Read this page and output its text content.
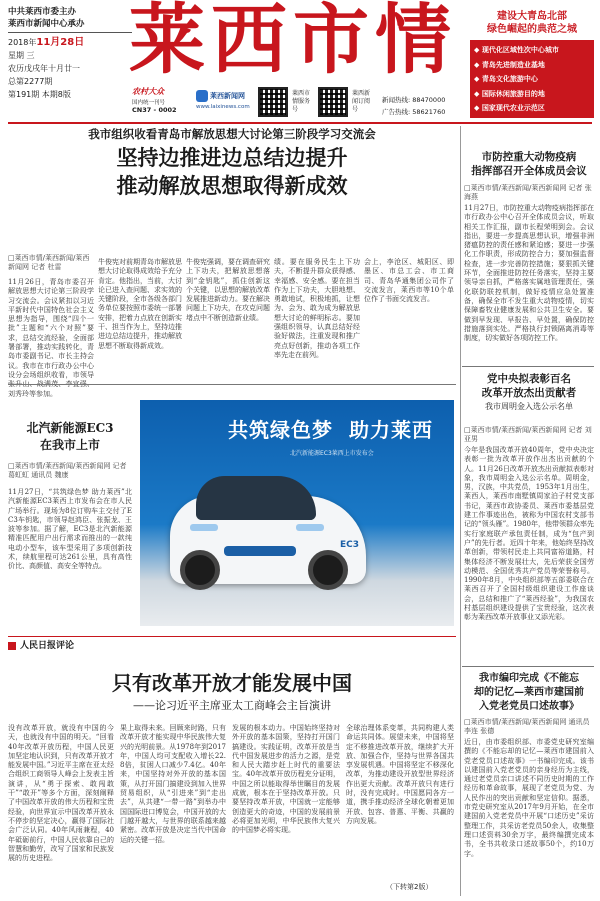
中共莱西市委主办
莱西市新闻中心承办
2018年11月28日
星期 三
农历戊戌年十月廿一
总第2277期
第191期 本期8版
莱西市情
农村大众
国内统一刊号
CN37 - 0002
莱西新闻网
www.laixinews.com
莱西市情服务号
莱西新闻订阅号
新闻热线: 88470000
广告热线: 58621760
建设大青岛北部
绿色崛起的典范之城
◆ 现代化区域性次中心城市
◆ 青岛先进制造业基地
◆ 青岛文化旅游中心
◆ 国际休闲旅游目的地
◆ 国家现代农业示范区
我市组织收看青岛市解放思想大讨论第三阶段学习交流会
坚持边推进边总结边提升
推动解放思想取得新成效
□莱西市情/莱西新闻/莱西新闻网 记者 杜雷
11月26日，青岛市委召开解放思想大讨论第三阶段学习交流会。会议紧扣以习近平新时代中国特色社会主义思想为指导，围绕“四个一批”主题和“六个对照”要求，总结交流经验，全面部署部署，推动实践转化，青岛市委副书记、市长主持会议。我市在市行政办公中心设分会场组织收看，市领导 刘秀玲等参加。
牛俊宪对前期青岛市解放思想大讨论取得成效给予充分肯定。他指出，当前，大讨论已进入查问题、求实效的关键阶段，全市各级各部门务单位要按照市委统一部署安排，把着力点放在创新实干、担当作为上，坚持边推进边总结边提升，推动解放思想不断取得新成效。
牛俊宪强调，要在调查研究上下功夫，把解放思想落到“金钥匙”，抓住创新这个关键，以思想的解放改革发展推进新动力。要在解决问题上下功夫，在攻克问题堵点中不断创造新业绩。
绩。要在服务民生上下功夫，不断提升群众获得感、幸福感、安全感。要在担当作为上下功夫，大胆地想、勇敢地试，积极地抓，让想为、会为、敢为成为解放思想大讨论的鲜明标志。要加强组织领导，认真总结好经验好做法，注重发现和推广亮点好创新，推动各项工作率先走在前列。
会上，李沧区、城阳区、即墨区、市总工会、市工商司、青岛华通集团公司作了交流发言，莱西市等10个单位作了书面交流发言。
市防控重大动物疫病
指挥部召开全体成员会议
□莱西市情/莱西新闻/莱西新闻网 记者 张海燕
11月27日，市防控重大动物疫病指挥部在市行政办公中心召开全体成员会议，听取相关工作汇报，副市长程荣明到会。会议指出，要进一步提高思想认识，增强非洲猪瘟防控的责任感和紧迫感；要进一步强化工作职责，形成防控合力；要加强监督检查，进一步完善防控措施；要狠抓关键环节，全面推进防控任务落实，坚持主要领导亲自抓，严格落实属地管理责任，强化联防联控机制，做好疫情应急处置准备，确保全市不发生重大动物疫情，切实保障畜牧业健康发展和公共卫生安全。要做到早发现、早报告、早处置，确保防控措施落到实处。严格执行封锁隔离消毒等制度，切实做好各项防控工作。
党中央拟表彰百名
改革开放杰出贡献者
我市周明金入选公示名单
□莱西市情/莱西新闻/莱西新闻网 记者 刘亚男
今年是我国改革开放40周年，党中央决定表彰一批为改革开放作出杰出贡献的个人。11月26日改革开放杰出贡献拟表彰对象，我市周明金入选公示名单。周明金，男，汉族，中共党员，1953年1月出生，莱西人，莱西市南墅镇周家泊子村党支部书记，莱西市政协委员、莱西市委基层党建工作事迹出色，被称为中国农村支部书记的“领头雁”。1980年，他带领群众率先实行家庭联产承包责任制，成为“包产到户”的先行者。近四十年来，他始终坚持改革创新，带领村民走上共同富裕道路，村集体经济不断发展壮大，先后荣获全国劳动模范、全国优秀共产党员等荣誉称号。1990年8月，中央组织部等五部委联合在莱西召开了全国村级组织建设工作座谈会，总结和推广了“莱西经验”，为我国农村基层组织建设提供了宝贵经验，这次表彰为莱西改革开放事业又添光彩。
我市编印完成《不能忘
却的记忆—莱西市建国前
入党老党员口述故事》
□莱西市情/莱西新闻/莱西新闻网 通讯员 李连 张德
近日，由市委组织部、市委党史研究室编撰的《不能忘却的记忆—莱西市建国前入党老党员口述故事》一书编印完成。该书以建国前入党老党员的亲身经历为主线，通过老党员亲口讲述不同历史时期的工作经历和革命故事，展现了老党员为党、为人民作出的突出贡献和坚定信仰。据悉，市党史研究室从2017年9月开始，在全市建国前入党老党员中开展“口述历史”采访整理工作，共采访老党员50余人，收集整理口述资料30余万字，最终编撰完成本书，全书共收录口述故事50个，约10万字。
北汽新能源EC3
在我市上市
□莱西市情/莱西新闻/莱西新闻网 记者 葛虹虹 通讯员 魏康
11月27日，“共筑绿色梦 助力莱西”北汽新能源EC3莱西上市发布会在市人民广场举行。现场为8位订购车主交付了EC3车钥匙，市领导赵鸿臣、张振龙、王波等参加。据了解，EC3是北汽新能源精准匹配用户出行需求而推出的一款纯电动小型车，该车型采用了多项创新技术，续航里程可达261公里，具有高性价比、高颜值、高安全等特点。
共筑绿色梦 助力莱西
北汽新能源EC3莱西上市发布会
EC3
人民日报评论
只有改革开放才能发展中国
——论习近平主席亚太工商峰会主旨演讲
没有改革开放，就没有中国的今天，也就没有中国的明天。“回看40年改革开放历程，中国人民更加坚定地认识到，只有改革开放才能发展中国。”习近平主席在亚太经合组织工商领导人峰会上发表主旨演讲，从“勇于探索、敢闯敢干”“敢开”等多个方面，深刻阐释了中国改革开放的伟大历程和宝贵经验，向世界宣示中国改革开放永不停步的坚定决心，赢得了国际社会广泛认同。40年风雨兼程，40年砥砺前行，中国人民依靠自己的智慧和勤劳，改写了国家和民族发展的历史进程。
果上取得未来。回顾来时路，只有改革开放才能实现中华民族伟大复兴的光明前景。从1978年到2017年，中国人均可支配收入增长22.8倍，贫困人口减少7.4亿。40年来，中国坚持对外开放的基本国策，从打开国门搞建设到加入世界贸易组织，从“引进来”到“走出去”，从共建“一带一路”到举办中国国际进口博览会，中国开放的大门越开越大，与世界的联系越来越紧密。改革开放是决定当代中国命运的关键一招。
发展的根本动力。中国始终坚持对外开放的基本国策，坚持打开国门搞建设。实践证明，改革开放是当代中国发展进步的活力之源，是党和人民大踏步赶上时代的重要法宝。40年改革开放历程充分证明，中国之所以能取得举世瞩目的发展成就，根本在于坚持改革开放。只要坚持改革开放，中国就一定能够创造更大的奇迹，中国的发展前景必将更加光明，中华民族伟大复兴的中国梦必将实现。
全球治理体系变革，共同构建人类命运共同体。展望未来，中国将坚定不移推进改革开放，继续扩大开放、加强合作，坚持与世界各国共享发展机遇。中国将坚定不移深化改革，为推动建设开放型世界经济作出更大贡献。改革开放只有进行时，没有完成时。中国愿同各方一道，携手推动经济全球化朝着更加开放、包容、普惠、平衡、共赢的方向发展。
（下转第2版）
